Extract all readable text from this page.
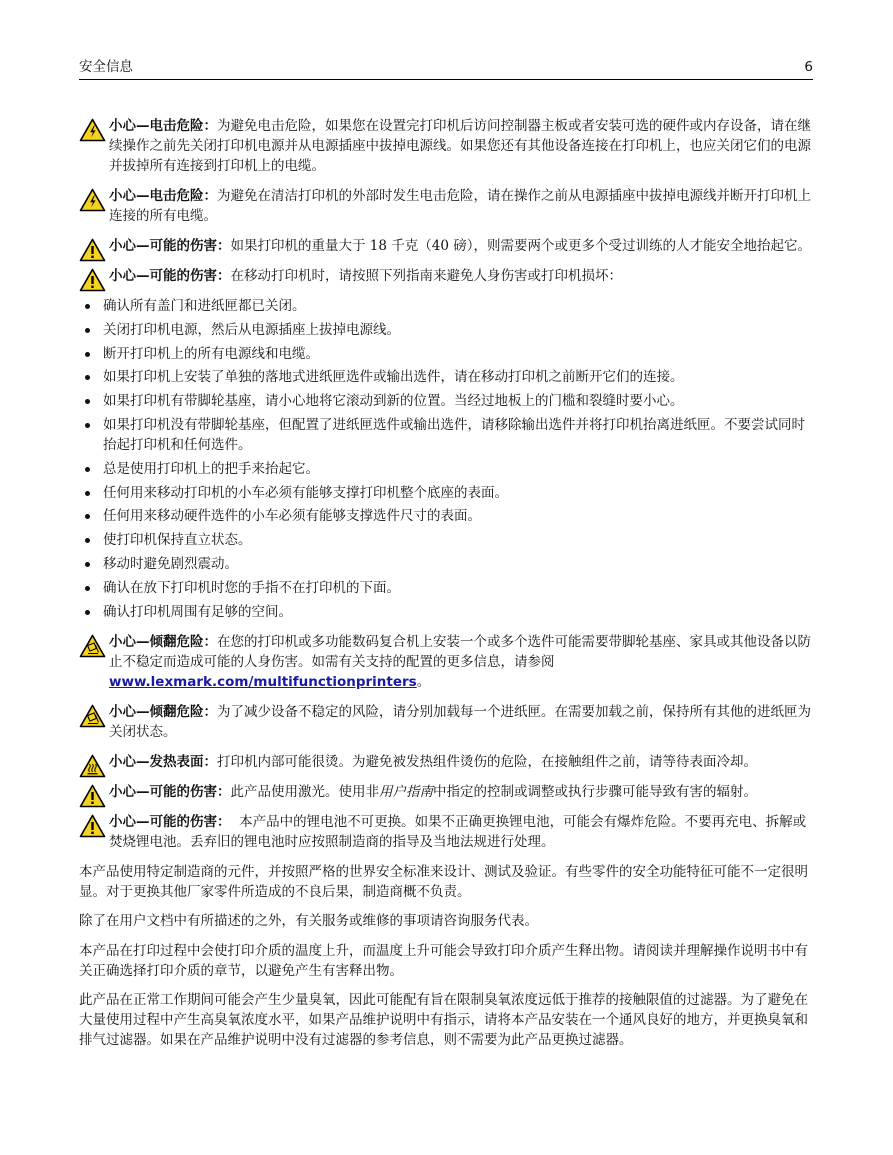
安全信息	6
小心—电击危险：为避免电击危险，如果您在设置完打印机后访问控制器主板或者安装可选的硬件或内存设备，请在继续操作之前先关闭打印机电源并从电源插座中拔掉电源线。如果您还有其他设备连接在打印机上，也应关闭它们的电源并拔掉所有连接到打印机上的电缆。
小心—电击危险：为避免在清洁打印机的外部时发生电击危险，请在操作之前从电源插座中拔掉电源线并断开打印机上连接的所有电缆。
小心—可能的伤害：如果打印机的重量大于 18 千克（40 磅），则需要两个或更多个受过训练的人才能安全地抬起它。
小心—可能的伤害：在移动打印机时，请按照下列指南来避免人身伤害或打印机损坏：
确认所有盖门和进纸匣都已关闭。
关闭打印机电源，然后从电源插座上拔掉电源线。
断开打印机上的所有电源线和电缆。
如果打印机上安装了单独的落地式进纸匣选件或输出选件，请在移动打印机之前断开它们的连接。
如果打印机有带脚轮基座，请小心地将它滚动到新的位置。当经过地板上的门槛和裂缝时要小心。
如果打印机没有带脚轮基座，但配置了进纸匣选件或输出选件，请移除输出选件并将打印机抬离进纸匣。不要尝试同时抬起打印机和任何选件。
总是使用打印机上的把手来抬起它。
任何用来移动打印机的小车必须有能够支撑打印机整个底座的表面。
任何用来移动硬件选件的小车必须有能够支撑选件尺寸的表面。
使打印机保持直立状态。
移动时避免剧烈震动。
确认在放下打印机时您的手指不在打印机的下面。
确认打印机周围有足够的空间。
小心—倾翻危险：在您的打印机或多功能数码复合机上安装一个或多个选件可能需要带脚轮基座、家具或其他设备以防止不稳定而造成可能的人身伤害。如需有关支持的配置的更多信息，请参阅www.lexmark.com/multifunctionprinters。
小心—倾翻危险：为了减少设备不稳定的风险，请分别加载每一个进纸匣。在需要加载之前，保持所有其他的进纸匣为关闭状态。
小心—发热表面：打印机内部可能很烫。为避免被发热组件烫伤的危险，在接触组件之前，请等待表面冷却。
小心—可能的伤害：此产品使用激光。使用非用户指南中指定的控制或调整或执行步骤可能导致有害的辐射。
小心—可能的伤害： 本产品中的锂电池不可更换。如果不正确更换锂电池，可能会有爆炸危险。不要再充电、拆解或焚烧锂电池。丢弃旧的锂电池时应按照制造商的指导及当地法规进行处理。

本产品使用特定制造商的元件，并按照严格的世界安全标准来设计、测试及验证。有些零件的安全功能特征可能不一定很明显。对于更换其他厂家零件所造成的不良后果，制造商概不负责。

除了在用户文档中有所描述的之外，有关服务或维修的事项请咨询服务代表。

本产品在打印过程中会使打印介质的温度上升，而温度上升可能会导致打印介质产生释出物。请阅读并理解操作说明书中有关正确选择打印介质的章节，以避免产生有害释出物。

此产品在正常工作期间可能会产生少量臭氧，因此可能配有旨在限制臭氧浓度远低于推荐的接触限值的过滤器。为了避免在大量使用过程中产生高臭氧浓度水平，如果产品维护说明中有指示，请将本产品安装在一个通风良好的地方，并更换臭氧和排气过滤器。如果在产品维护说明中没有过滤器的参考信息，则不需要为此产品更换过滤器。
